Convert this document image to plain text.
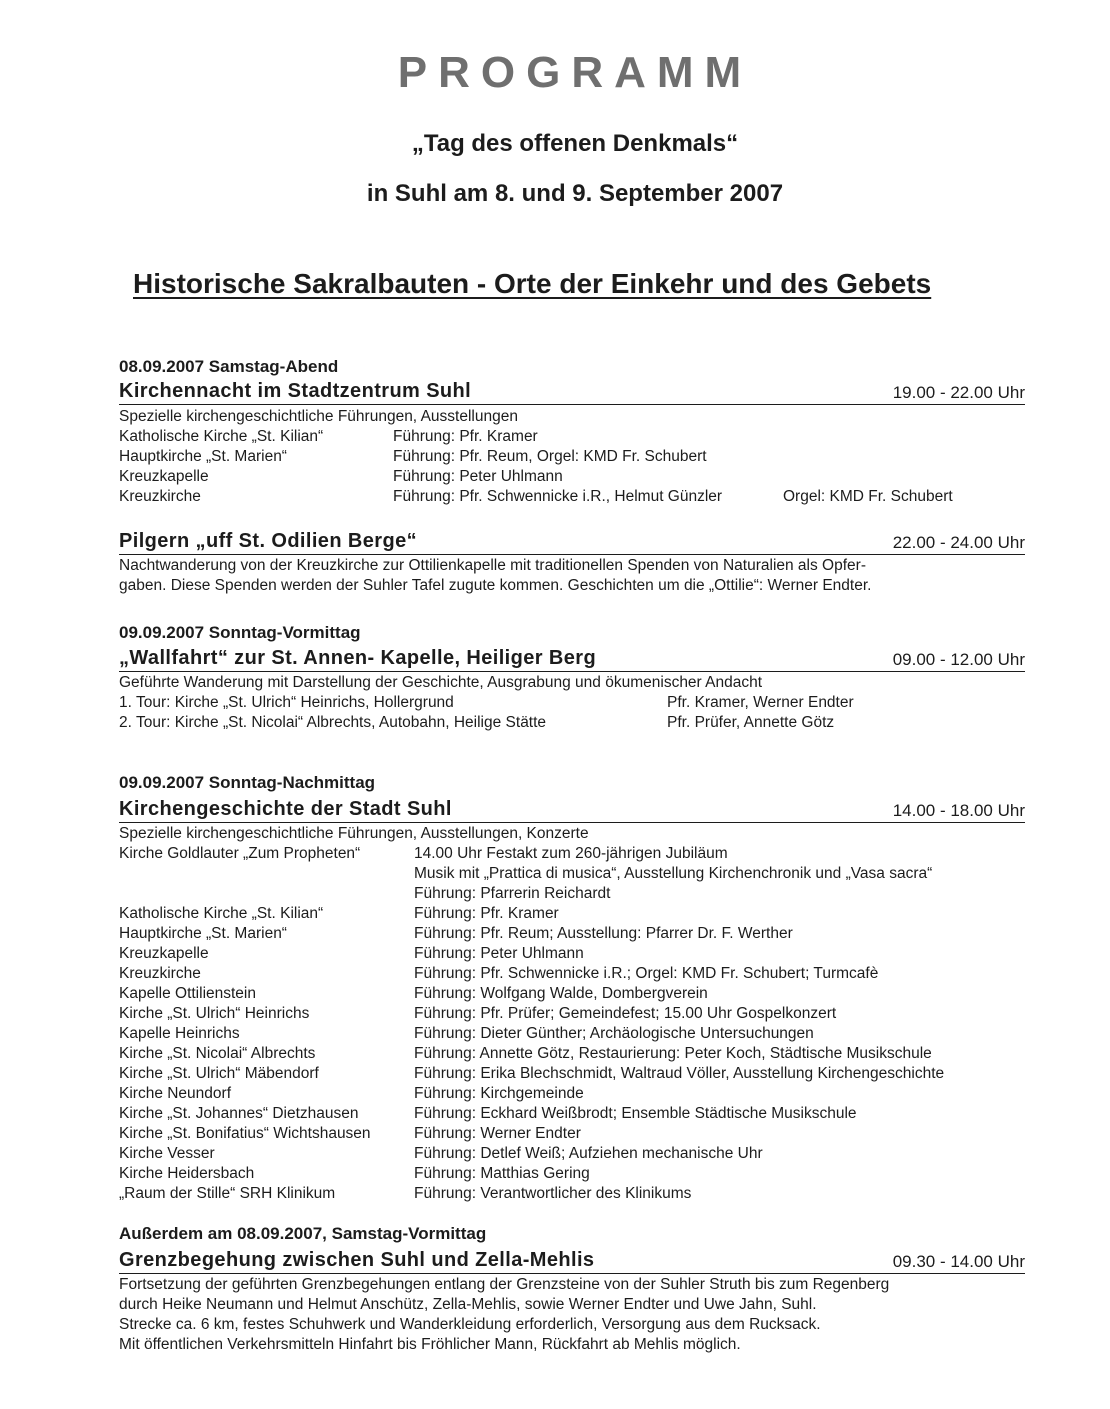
PROGRAMM

„Tag des offenen Denkmals“

in Suhl am 8. und 9. September 2007

Historische Sakralbauten - Orte der Einkehr und des Gebets
08.09.2007 Samstag-Abend
Kirchennacht im Stadtzentrum Suhl	19.00 - 22.00 Uhr
Spezielle kirchengeschichtliche Führungen, Ausstellungen
Katholische Kirche „St. Kilian“	Führung: Pfr. Kramer
Hauptkirche „St. Marien“	Führung: Pfr. Reum, Orgel: KMD Fr. Schubert
Kreuzkapelle	Führung: Peter Uhlmann
Kreuzkirche	Führung: Pfr. Schwennicke i.R., Helmut Günzler	Orgel: KMD Fr. Schubert
Pilgern „uff St. Odilien Berge“	22.00 - 24.00 Uhr
Nachtwanderung von der Kreuzkirche zur Ottilienkapelle mit traditionellen Spenden von Naturalien als Opfer-
gaben. Diese Spenden werden der Suhler Tafel zugute kommen. Geschichten um die „Ottilie“: Werner Endter.
09.09.2007 Sonntag-Vormittag
„Wallfahrt“ zur St. Annen- Kapelle, Heiliger Berg	09.00 - 12.00 Uhr
Geführte Wanderung mit Darstellung der Geschichte, Ausgrabung und ökumenischer Andacht
1. Tour: Kirche „St. Ulrich“ Heinrichs, Hollergrund	Pfr. Kramer, Werner Endter
2. Tour: Kirche „St. Nicolai“ Albrechts, Autobahn, Heilige Stätte	Pfr. Prüfer, Annette Götz
09.09.2007 Sonntag-Nachmittag
Kirchengeschichte der Stadt Suhl	14.00 - 18.00 Uhr
Spezielle kirchengeschichtliche Führungen, Ausstellungen, Konzerte
Kirche Goldlauter „Zum Propheten“	14.00 Uhr Festakt zum 260-jährigen Jubiläum
Musik mit „Prattica di musica“, Ausstellung Kirchenchronik und „Vasa sacra“
Führung: Pfarrerin Reichardt
Katholische Kirche „St. Kilian“	Führung: Pfr. Kramer
Hauptkirche „St. Marien“	Führung: Pfr. Reum; Ausstellung: Pfarrer Dr. F. Werther
Kreuzkapelle	Führung: Peter Uhlmann
Kreuzkirche	Führung: Pfr. Schwennicke i.R.; Orgel: KMD Fr. Schubert; Turmcafè
Kapelle Ottilienstein	Führung: Wolfgang Walde, Dombergverein
Kirche „St. Ulrich“ Heinrichs	Führung: Pfr. Prüfer; Gemeindefest; 15.00 Uhr Gospelkonzert
Kapelle Heinrichs	Führung: Dieter Günther; Archäologische Untersuchungen
Kirche „St. Nicolai“ Albrechts	Führung: Annette Götz, Restaurierung: Peter Koch, Städtische Musikschule
Kirche „St. Ulrich“ Mäbendorf	Führung: Erika Blechschmidt, Waltraud Völler, Ausstellung Kirchengeschichte
Kirche Neundorf	Führung: Kirchgemeinde
Kirche „St. Johannes“ Dietzhausen	Führung: Eckhard Weißbrodt; Ensemble Städtische Musikschule
Kirche „St. Bonifatius“ Wichtshausen	Führung: Werner Endter
Kirche Vesser	Führung: Detlef Weiß; Aufziehen mechanische Uhr
Kirche Heidersbach	Führung: Matthias Gering
„Raum der Stille“ SRH Klinikum	Führung: Verantwortlicher des Klinikums
Außerdem am 08.09.2007, Samstag-Vormittag
Grenzbegehung zwischen Suhl und Zella-Mehlis	09.30 - 14.00 Uhr
Fortsetzung der geführten Grenzbegehungen entlang der Grenzsteine von der Suhler Struth bis zum Regenberg
durch Heike Neumann und Helmut Anschütz, Zella-Mehlis, sowie Werner Endter und Uwe Jahn, Suhl.
Strecke ca. 6 km, festes Schuhwerk und Wanderkleidung erforderlich, Versorgung aus dem Rucksack.
Mit öffentlichen Verkehrsmitteln Hinfahrt bis Fröhlicher Mann, Rückfahrt ab Mehlis möglich.
